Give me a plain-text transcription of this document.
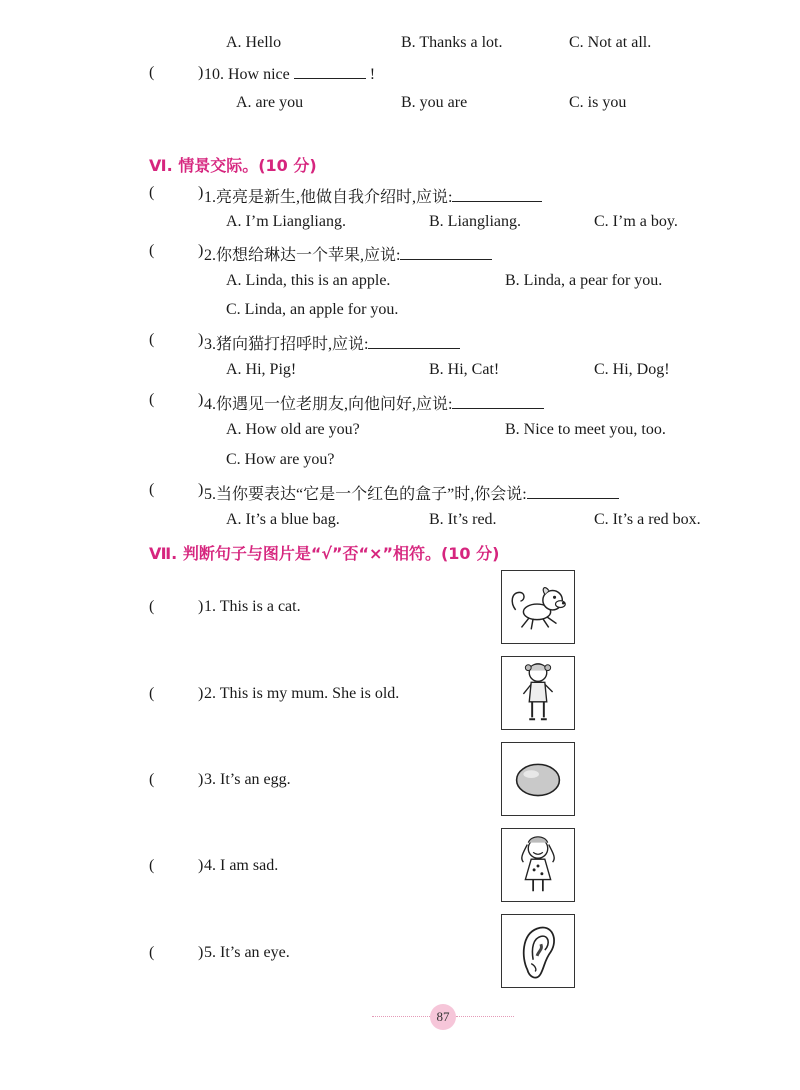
A. Hello	B. Thanks a lot.	C. Not at all.
(	) 10. How nice	!
A. are you	B. you are	C. is you
Ⅵ. 情景交际。(10 分)
(	) 1.亮亮是新生,他做自我介绍时,应说:
A. I’m Liangliang.	B. Liangliang.	C. I’m a boy.
(	) 2.你想给琳达一个苹果,应说:
A. Linda, this is an apple.	B. Linda, a pear for you.
C. Linda, an apple for you.
(	) 3.猪向猫打招呼时,应说:
A. Hi, Pig!	B. Hi, Cat!	C. Hi, Dog!
(	) 4.你遇见一位老朋友,向他问好,应说:
A. How old are you?	B. Nice to meet you, too.
C. How are you?
(	) 5.当你要表达“它是一个红色的盒子”时,你会说:
A. It’s a blue bag.	B. It’s red.	C. It’s a red box.
Ⅶ. 判断句子与图片是“√”否“×”相符。(10 分)
(	) 1. This is a cat.
(	) 2. This is my mum. She is old.
(	) 3. It’s an egg.
(	) 4. I am sad.
(	) 5. It’s an eye.
87
